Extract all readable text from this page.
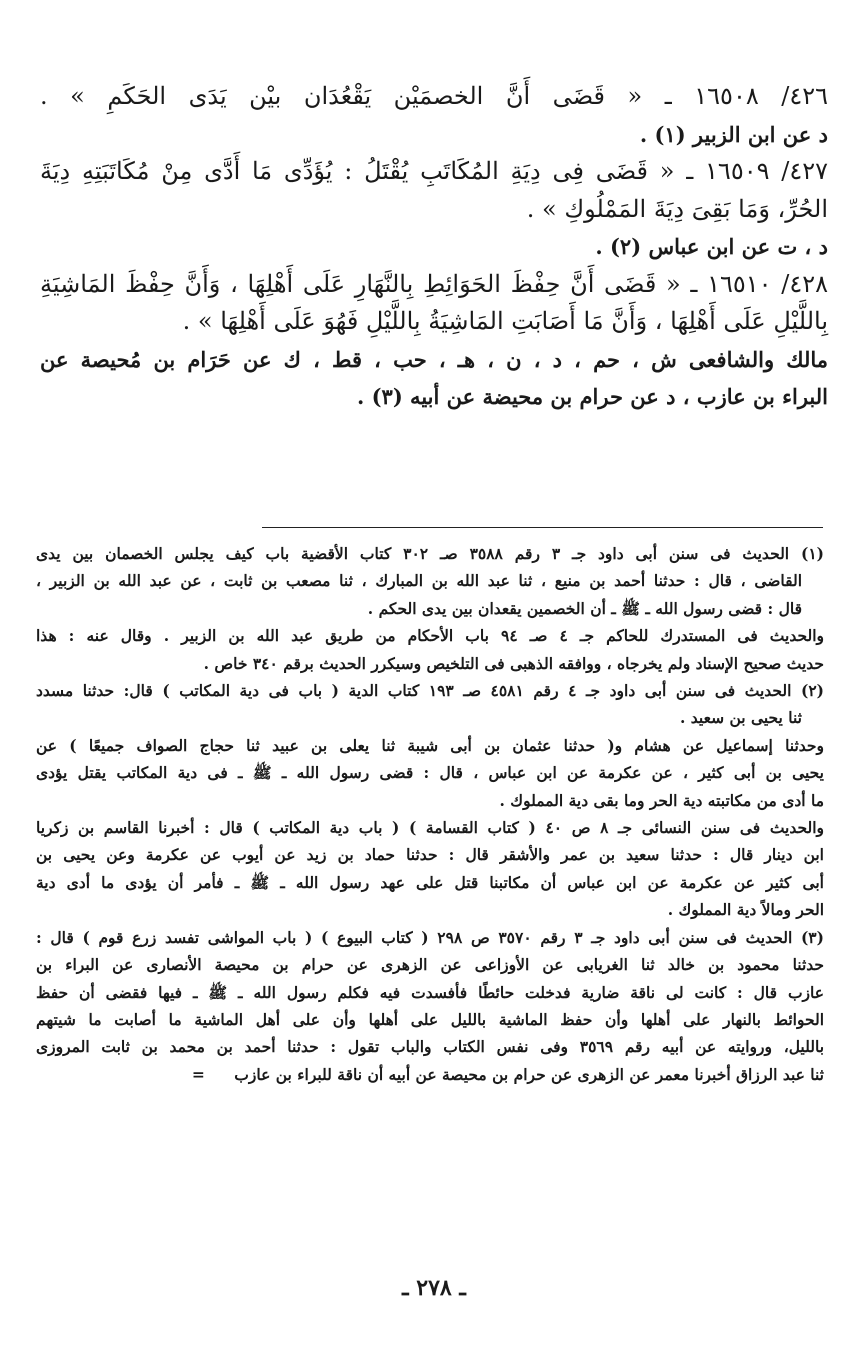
٤٢٦/ ١٦٥٠٨ ـ « قَضَى أَنَّ الخصمَيْن يَقْعُدَان بيْن يَدَى الحَكَمِ » .
د عن ابن الزبير (١) .
٤٢٧/ ١٦٥٠٩ ـ « قَضَى فِى دِيَةِ المُكَاتَبِ يُقْتَلُ : يُؤَدِّى مَا أَدَّى مِنْ مُكَاتَبَتِهِ دِيَةَ
الحُرِّ، وَمَا بَقِىَ دِيَةَ المَمْلُوكِ » .
د ، ت عن ابن عباس (٢) .
٤٢٨/ ١٦٥١٠ ـ « قَضَى أَنَّ حِفْظَ الحَوَائِطِ بِالنَّهَارِ عَلَى أَهْلِهَا ، وَأَنَّ حِفْظَ المَاشِيَةِ
بِاللَّيْلِ عَلَى أَهْلِهَا ، وَأَنَّ مَا أَصَابَتِ المَاشِيَةُ بِاللَّيْلِ فَهُوَ عَلَى أَهْلِهَا » .
مالك والشافعى ش ، حم ، د ، ن ، هـ ، حب ، قط ، ك عن حَرَام بن مُحيصة عن
البراء بن عازب ، د عن حرام بن محيضة عن أبيه (٣) .
(١) الحديث فى سنن أبى داود جـ ٣ رقم ٣٥٨٨ صـ ٣٠٢ كتاب الأقضية باب كيف يجلس الخصمان بين يدى
القاضى ، قال : حدثنا أحمد بن منيع ، ثنا عبد الله بن المبارك ، ثنا مصعب بن ثابت ، عن عبد الله بن الزبير ،
قال : قضى رسول الله ـ ﷺ ـ أن الخصمين يقعدان بين يدى الحكم .
والحديث فى المستدرك للحاكم جـ ٤ صـ ٩٤ باب الأحكام من طريق عبد الله بن الزبير . وقال عنه : هذا
حديث صحيح الإسناد ولم يخرجاه ، ووافقه الذهبى فى التلخيص وسيكرر الحديث برقم ٣٤٠ خاص .
(٢) الحديث فى سنن أبى داود جـ ٤ رقم ٤٥٨١ صـ ١٩٣ كتاب الدية ( باب فى دية المكاتب ) قال: حدثنا مسدد
ثنا يحيى بن سعيد .
وحدثنا إسماعيل عن هشام و( حدثنا عثمان بن أبى شيبة ثنا يعلى بن عبيد ثنا حجاج الصواف جميعًا ) عن
يحيى بن أبى كثير ، عن عكرمة عن ابن عباس ، قال : قضى رسول الله ـ ﷺ ـ فى دية المكاتب يقتل يؤدى
ما أدى من مكاتبته دية الحر وما بقى دية المملوك .
والحديث فى سنن النسائى جـ ٨ ص ٤٠ ( كتاب القسامة ) ( باب دية المكاتب ) قال : أخبرنا القاسم بن زكريا
ابن دينار قال : حدثنا سعيد بن عمر والأشقر قال : حدثنا حماد بن زيد عن أيوب عن عكرمة وعن يحيى بن
أبى كثير عن عكرمة عن ابن عباس أن مكاتبنا قتل على عهد رسول الله ـ ﷺ ـ فأمر أن يؤدى ما أدى دية
الحر ومالاً دية المملوك .
(٣) الحديث فى سنن أبى داود جـ ٣ رقم ٣٥٧٠ ص ٢٩٨ ( كتاب البيوع ) ( باب المواشى تفسد زرع قوم ) قال :
حدثنا محمود بن خالد ثنا الغريابى عن الأوزاعى عن الزهرى عن حرام بن محيصة الأنصارى عن البراء بن
عازب قال : كانت لى ناقة ضارية فدخلت حائطًا فأفسدت فيه فكلم رسول الله ـ ﷺ ـ فيها فقضى أن حفظ
الحوائط بالنهار على أهلها وأن حفظ الماشية بالليل على أهلها وأن على أهل الماشية ما أصابت ما شيتهم
بالليل، وروايته عن أبيه رقم ٣٥٦٩ وفى نفس الكتاب والباب تقول : حدثنا أحمد بن محمد بن ثابت المروزى
ثنا عبد الرزاق أخبرنا معمر عن الزهرى عن حرام بن محيصة عن أبيه أن ناقة للبراء بن عازب =
ـ ٢٧٨ ـ
